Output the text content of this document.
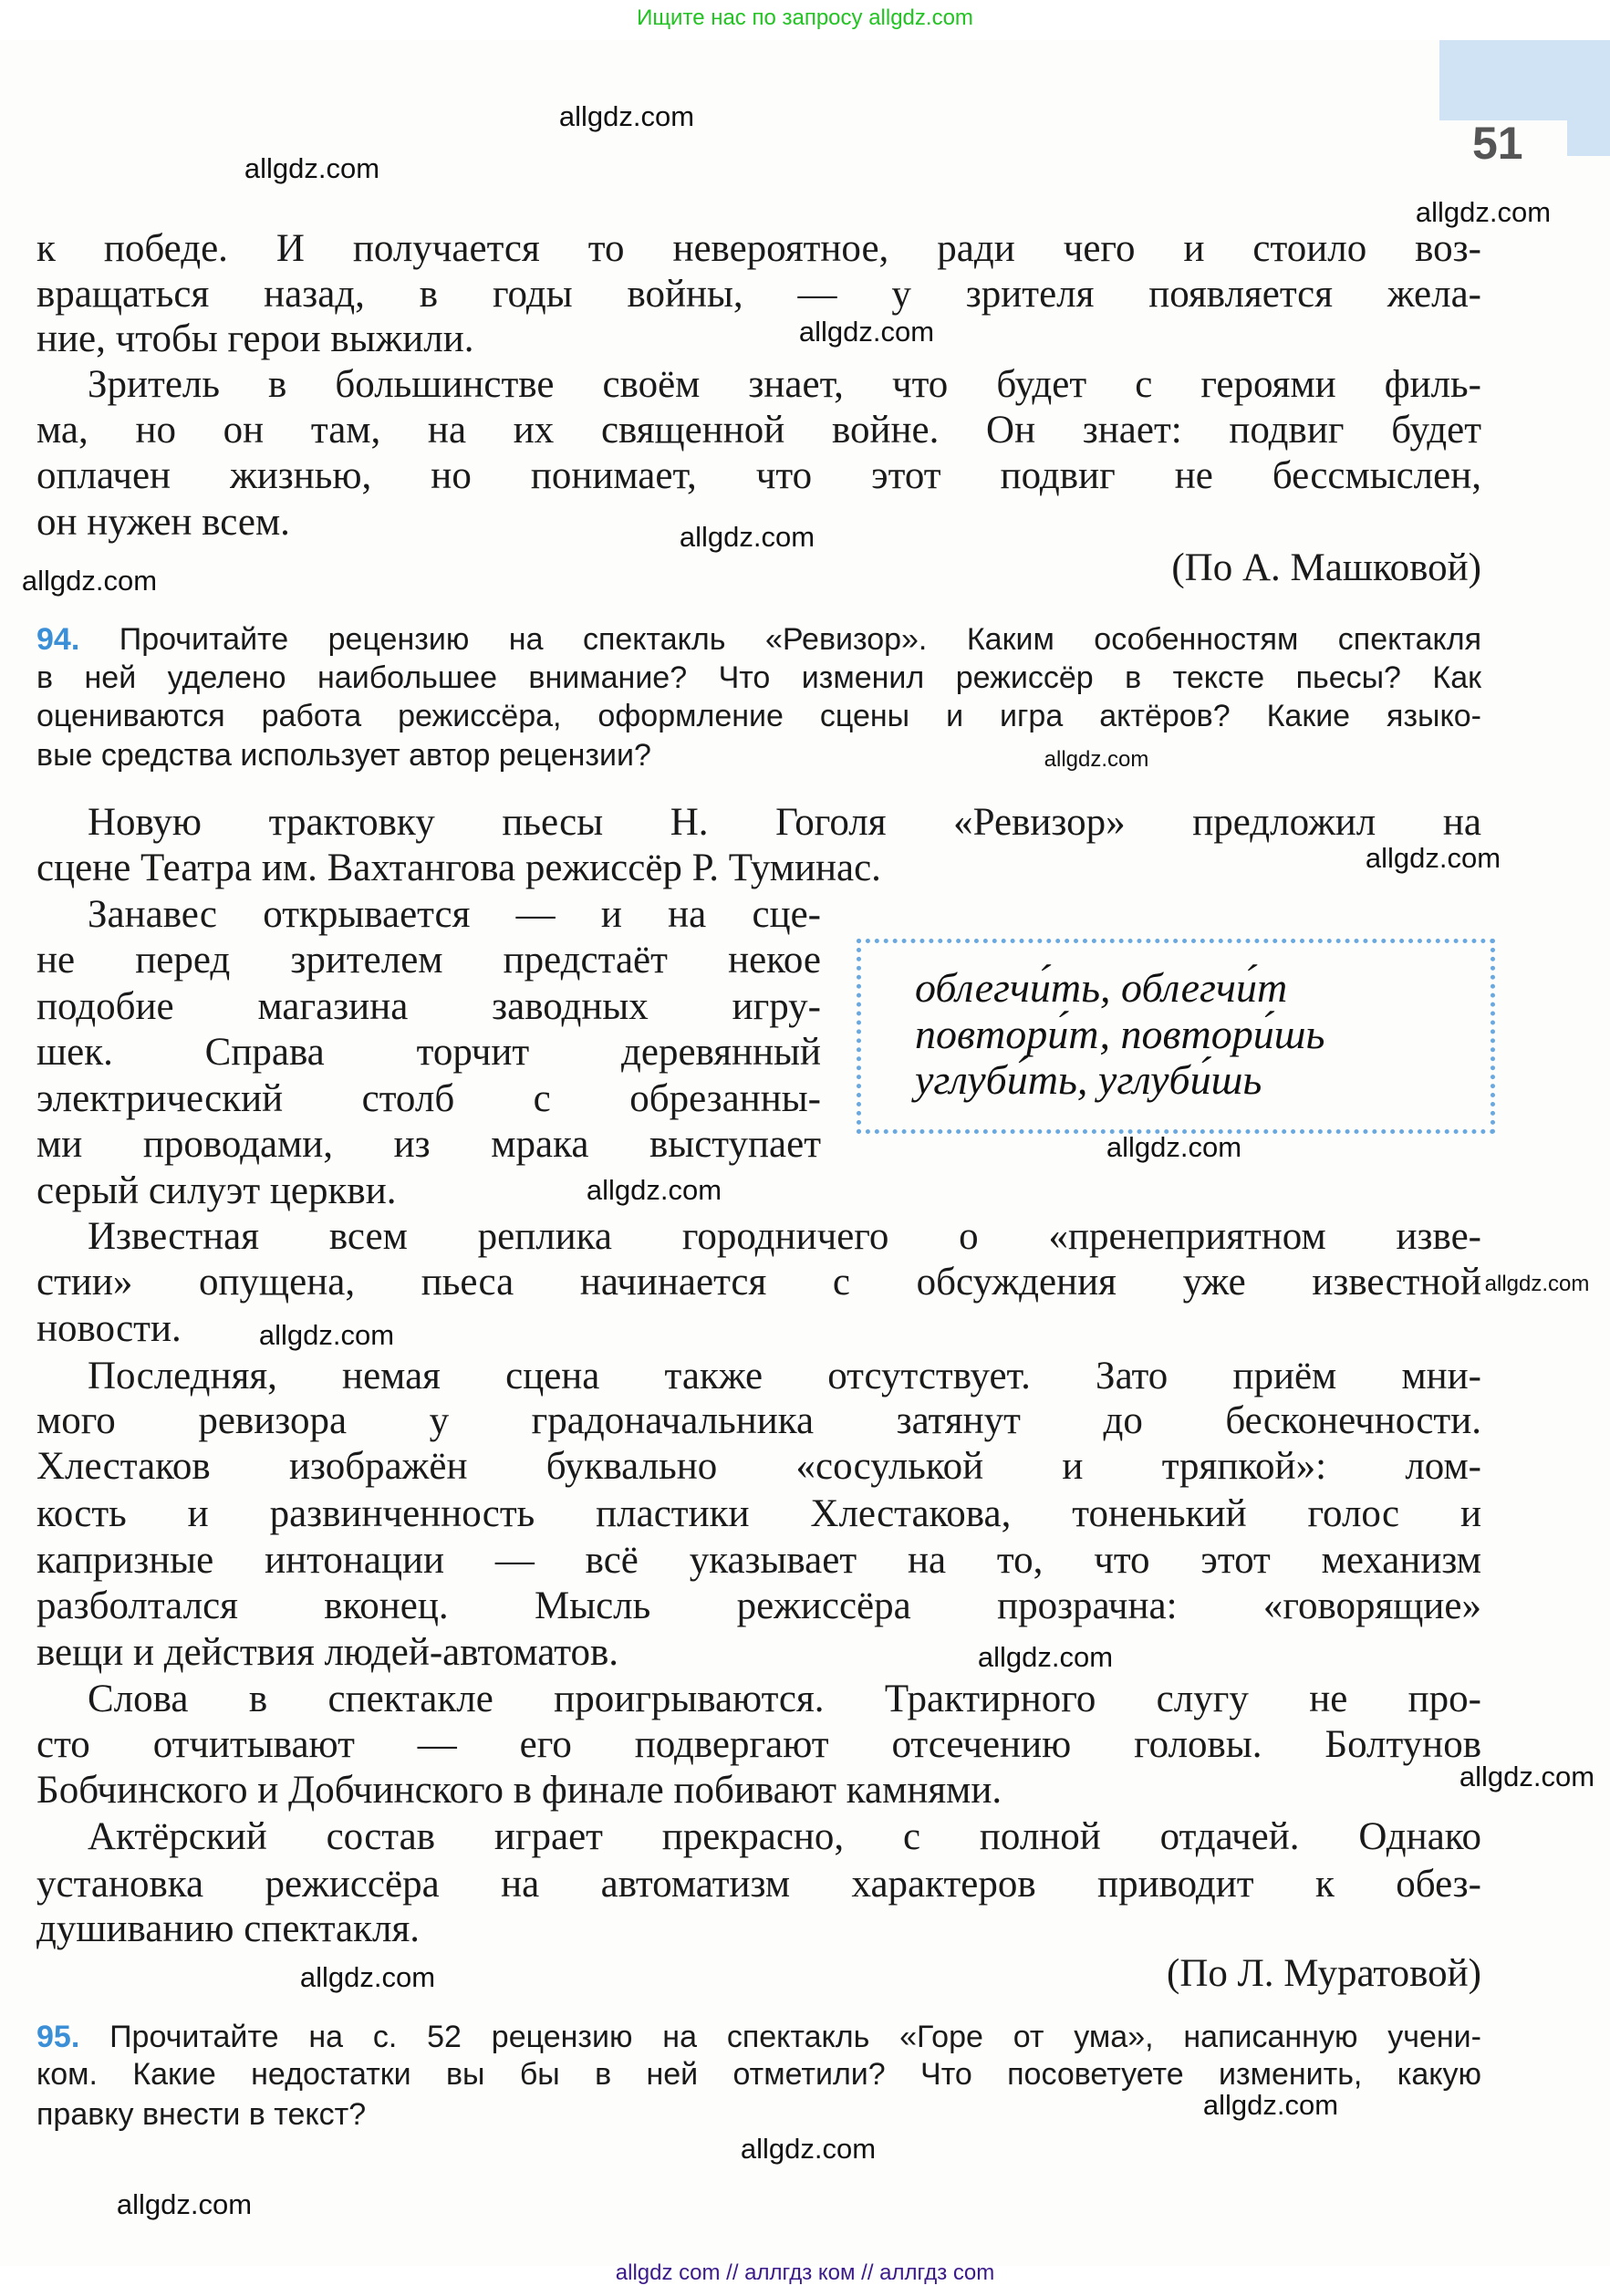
Ищите нас по запросу allgdz.com
51
к победе. И получается то невероятное, ради чего и стоило воз-
вращаться назад, в годы войны, — у зрителя появляется жела-
ние, чтобы герои выжили.
Зритель в большинстве своём знает, что будет с героями филь-
ма, но он там, на их священной войне. Он знает: подвиг будет
оплачен жизнью, но понимает, что этот подвиг не бессмыслен,
он нужен всем.
(По А. Машковой)
94. Прочитайте рецензию на спектакль «Ревизор». Каким особенностям спектакля
в ней уделено наибольшее внимание? Что изменил режиссёр в тексте пьесы? Как
оцениваются работа режиссёра, оформление сцены и игра актёров? Какие языко-
вые средства использует автор рецензии?
Новую трактовку пьесы Н. Гоголя «Ревизор» предложил на
сцене Театра им. Вахтангова режиссёр Р. Туминас.
Занавес открывается — и на сце-
не перед зрителем предстаёт некое
подобие магазина заводных игру-
шек. Справа торчит деревянный
электрический столб с обрезанны-
ми проводами, из мрака выступает
серый силуэт церкви.
Известная всем реплика городничего о «пренеприятном изве-
стии» опущена, пьеса начинается с обсуждения уже известной
новости.
Последняя, немая сцена также отсутствует. Зато приём мни-
мого ревизора у градоначальника затянут до бесконечности.
Хлестаков изображён буквально «сосулькой и тряпкой»: лом-
кость и развинченность пластики Хлестакова, тоненький голос и
капризные интонации — всё указывает на то, что этот механизм
разболтался вконец. Мысль режиссёра прозрачна: «говорящие»
вещи и действия людей-автоматов.
Слова в спектакле проигрываются. Трактирного слугу не про-
сто отчитывают — его подвергают отсечению головы. Болтунов
Бобчинского и Добчинского в финале побивают камнями.
Актёрский состав играет прекрасно, с полной отдачей. Однако
установка режиссёра на автоматизм характеров приводит к обез-
душиванию спектакля.
(По Л. Муратовой)
95. Прочитайте на с. 52 рецензию на спектакль «Горе от ума», написанную учени-
ком. Какие недостатки вы бы в ней отметили? Что посоветуете изменить, какую
правку внести в текст?
облегчи́ть, облегчи́т
повтори́т, повтори́шь
углуби́ть, углуби́шь
allgdz.com
allgdz.com
allgdz.com
allgdz.com
allgdz.com
allgdz.com
allgdz.com
allgdz.com
allgdz.com
allgdz.com
allgdz.com
allgdz.com
allgdz.com
allgdz.com
allgdz.com
allgdz.com
allgdz.com
allgdz.com
allgdz com // аллгдз ком // аллгдз com
